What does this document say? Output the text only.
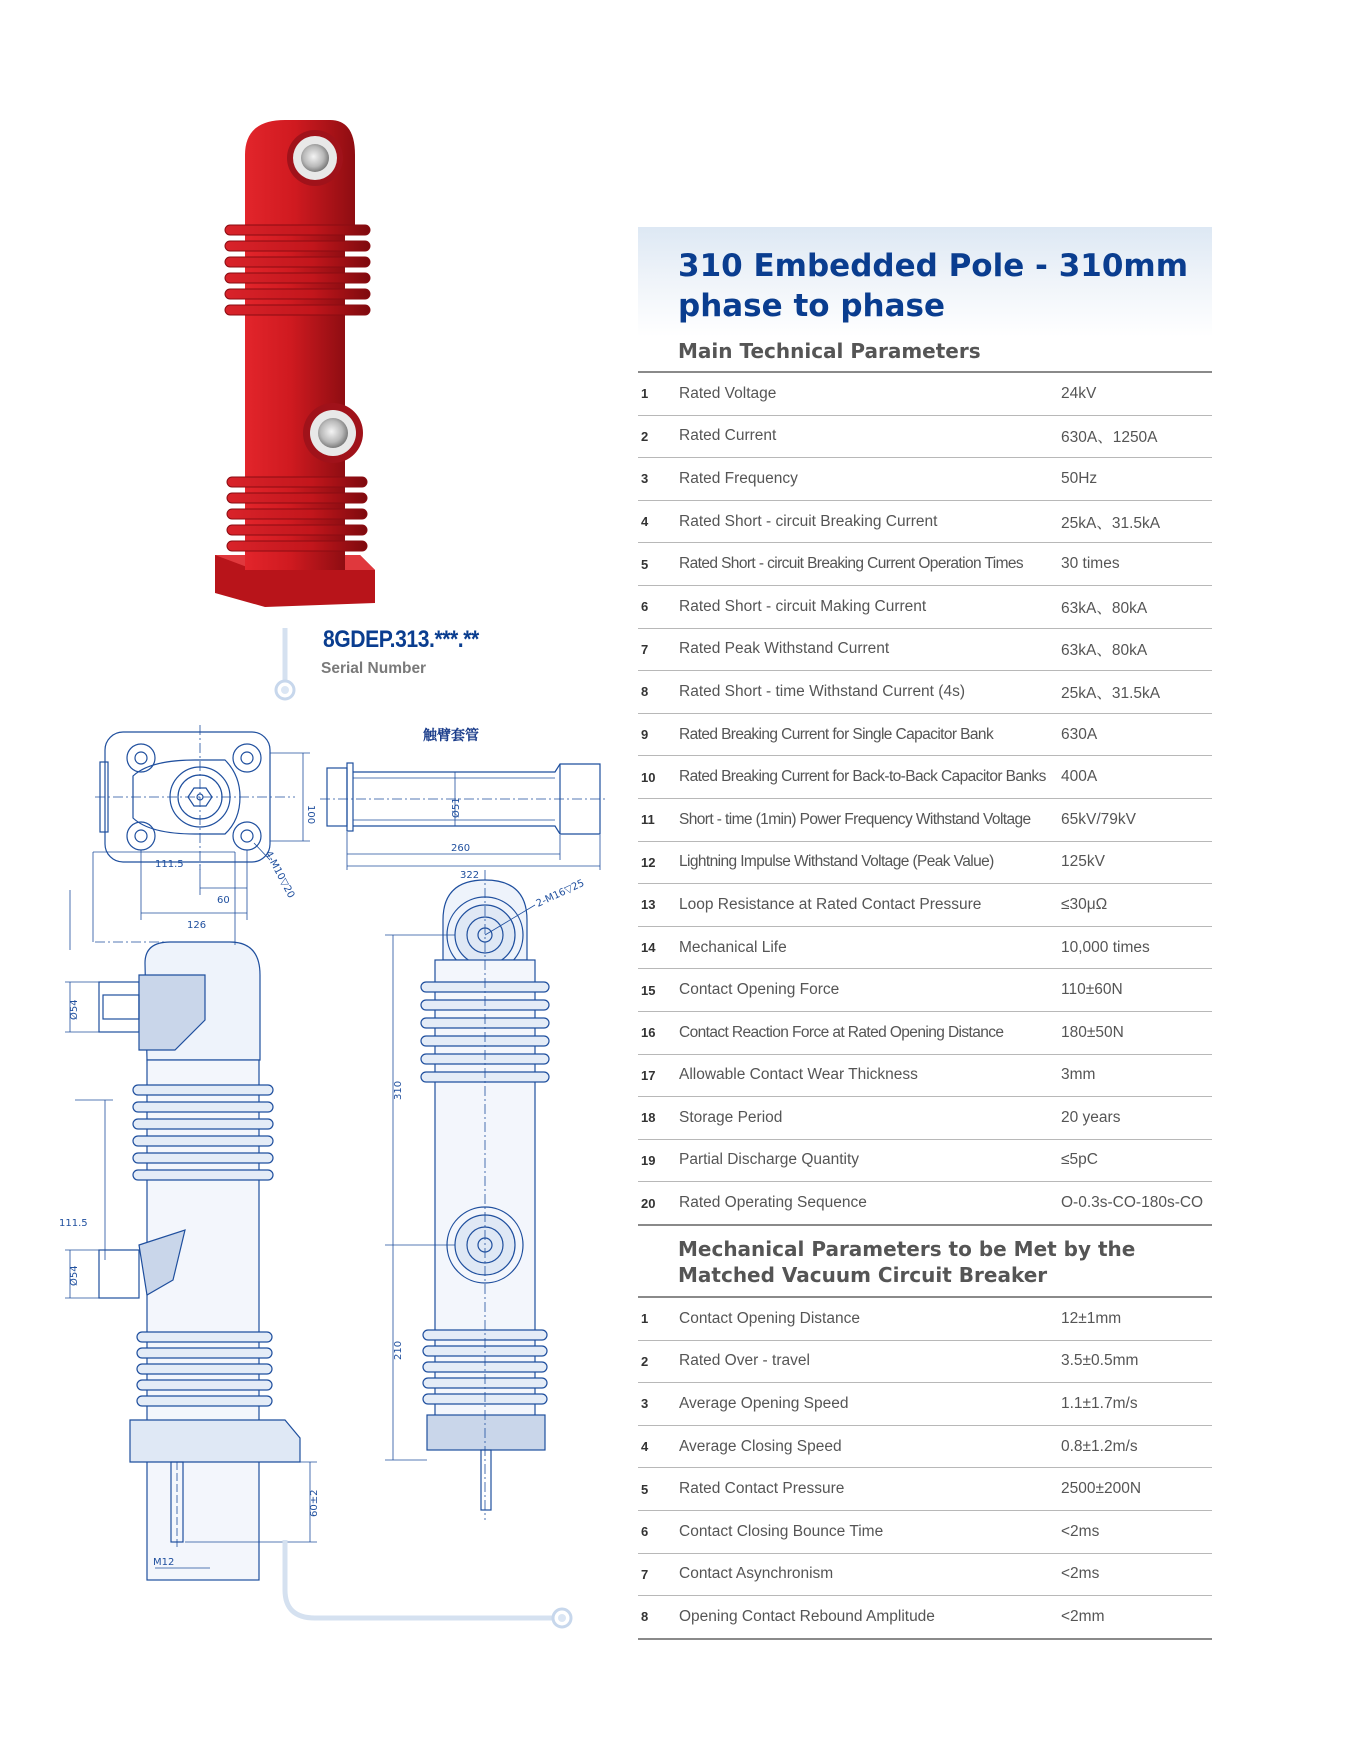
310 Embedded Pole - 310mm phase to phase
Main Technical Parameters
1	Rated Voltage	24kV
2	Rated Current	630A、1250A
3	Rated Frequency	50Hz
4	Rated Short - circuit Breaking Current	25kA、31.5kA
5	Rated Short - circuit Breaking Current Operation Times	30 times
6	Rated Short - circuit Making Current	63kA、80kA
7	Rated Peak Withstand Current	63kA、80kA
8	Rated Short - time Withstand Current (4s)	25kA、31.5kA
9	Rated Breaking Current for Single Capacitor Bank	630A
10	Rated Breaking Current for Back-to-Back Capacitor Banks	400A
11	Short - time (1min) Power Frequency Withstand Voltage	65kV/79kV
12	Lightning Impulse Withstand Voltage (Peak Value)	125kV
13	Loop Resistance at Rated Contact Pressure	≤30μΩ
14	Mechanical Life	10,000 times
15	Contact Opening Force	110±60N
16	Contact Reaction Force at Rated Opening Distance	180±50N
17	Allowable Contact Wear Thickness	3mm
18	Storage Period	20 years
19	Partial Discharge Quantity	≤5pC
20	Rated Operating Sequence	O-0.3s-CO-180s-CO
Mechanical Parameters to be Met by the Matched Vacuum Circuit Breaker
1	Contact Opening Distance	12±1mm
2	Rated Over - travel	3.5±0.5mm
3	Average Opening Speed	1.1±1.7m/s
4	Average Closing Speed	0.8±1.2m/s
5	Rated Contact Pressure	2500±200N
6	Contact Closing Bounce Time	<2ms
7	Contact Asynchronism	<2ms
8	Opening Contact Rebound Amplitude	<2mm
8GDEP.313.***.**
Serial Number
触臂套管
100
60
126
4-M10▽20
Ø51
260
322
111.5
111.5
Ø54
Ø54
60±2
M12
310
210
2-M16▽25
